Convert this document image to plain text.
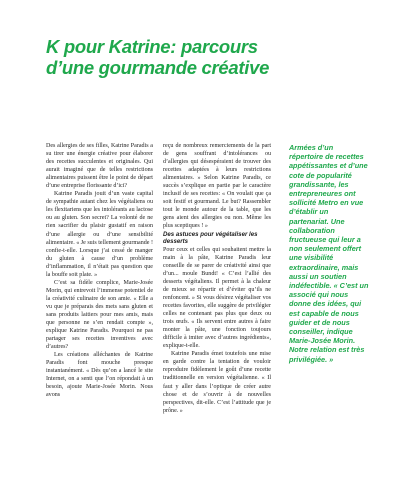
K pour Katrine: parcours
d’une gourmande créative

Des allergies de ses filles, Katrine Paradis a su tirer une énergie créative pour élaborer des recettes succulentes et originales. Qui aurait imaginé que de telles restrictions alimentaires puissent être le point de départ d’une entreprise florissante d’ici?

Katrine Paradis jouit d’un vaste capital de sympathie autant chez les végétaliens ou les flexitariens que les intolérants au lactose ou au gluten. Son secret? La volonté de ne rien sacrifier du plaisir gustatif en raison d’une allergie ou d’une sensibilité alimentaire. « Je suis tellement gourmande ! confie-t-elle. Lorsque j’ai cessé de manger du gluten à cause d’un problème d’inflammation, il n’était pas question que la bouffe soit plate. »

C’est sa fidèle complice, Marie-Josée Morin, qui entrevoit l’immense potentiel de la créativité culinaire de son amie. « Elle a vu que je préparais des mets sans gluten et sans produits laitiers pour mes amis, mais que personne ne s’en rendait compte », explique Katrine Paradis. Pourquoi ne pas partager ses recettes inventives avec d’autres?

Les créations alléchantes de Katrine Paradis font mouche presque instantanément. « Dès qu’on a lancé le site Internet, on a senti que l’on répondait à un besoin, ajoute Marie-Josée Morin. Nous avons

reçu de nombreux remerciements de la part de gens souffrant d’intolérances ou d’allergies qui désespéraient de trouver des recettes adaptées à leurs restrictions alimentaires. » Selon Katrine Paradis, ce succès s’explique en partie par le caractère inclusif de ses recettes: « On voulait que ça soit festif et gourmand. Le but? Rassembler tout le monde autour de la table, que les gens aient des allergies ou non. Même les plus sceptiques ! »

Des astuces pour végétaliser les desserts

Pour ceux et celles qui souhaitent mettre la main à la pâte, Katrine Paradis leur conseille de se parer de créativité ainsi que d’un... moule Bundt! « C’est l’allié des desserts végétaliens. Il permet à la chaleur de mieux se répartir et d’éviter qu’ils ne renfoncent. » Si vous désirez végétaliser vos recettes favorites, elle suggère de privilégier celles ne contenant pas plus que deux ou trois œufs. « Ils servent entre autres à faire monter la pâte, une fonction toujours difficile à imiter avec d’autres ingrédients», explique-t-elle.

Katrine Paradis émet toutefois une mise en garde contre la tentation de vouloir reproduire fidèlement le goût d’une recette traditionnelle en version végétalienne. « Il faut y aller dans l’optique de créer autre chose et de s’ouvrir à de nouvelles perspectives, dit-elle. C’est l’attitude que je prône. »

Armées d’un répertoire de recettes appétissantes et d’une cote de popularité grandissante, les entrepreneures ont sollicité Metro en vue d’établir un partenariat. Une collaboration fructueuse qui leur a non seulement offert une visibilité extraordinaire, mais aussi un soutien indéfectible. « C’est un associé qui nous donne des idées, qui est capable de nous guider et de nous conseiller, indique Marie-Josée Morin. Notre relation est très privilégiée. »
